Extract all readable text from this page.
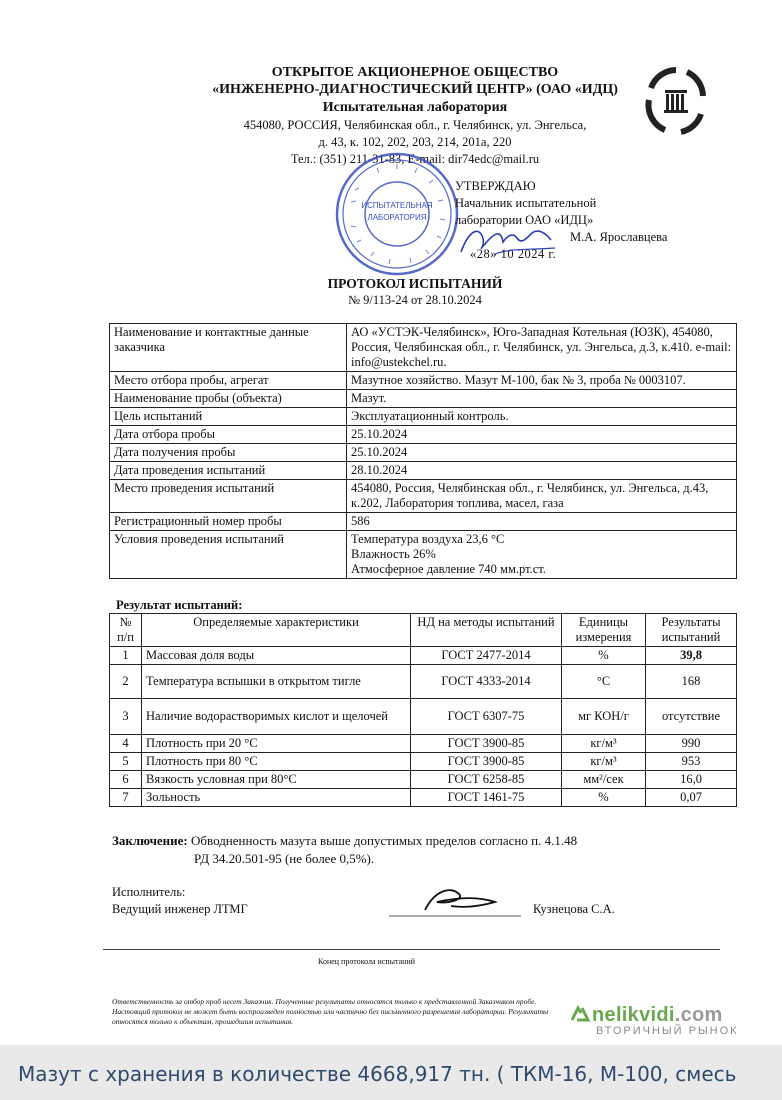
ОТКРЫТОЕ АКЦИОНЕРНОЕ ОБЩЕСТВО
«ИНЖЕНЕРНО-ДИАГНОСТИЧЕСКИЙ ЦЕНТР» (ОАО «ИДЦ)
Испытательная лаборатория
454080, РОССИЯ, Челябинская обл., г. Челябинск, ул. Энгельса,
д. 43, к. 102, 202, 203, 214, 201а, 220
Тел.: (351) 211-31-83, E-mail: dir74edc@mail.ru
ИСПЫТАТЕЛЬНАЯ
ЛАБОРАТОРИЯ
УТВЕРЖДАЮ
Начальник испытательной
лаборатории ОАО «ИДЦ»
М.А. Ярославцева
«28» 10 2024 г.
ПРОТОКОЛ ИСПЫТАНИЙ
№ 9/113-24 от 28.10.2024
Наименование и контактные данные заказчика	АО «УСТЭК-Челябинск», Юго-Западная Котельная (ЮЗК), 454080, Россия, Челябинская обл., г. Челябинск, ул. Энгельса, д.3, к.410. e-mail: info@ustekchel.ru.
Место отбора пробы, агрегат	Мазутное хозяйство. Мазут М-100, бак № 3, проба № 0003107.
Наименование пробы (объекта)	Мазут.
Цель испытаний	Эксплуатационный контроль.
Дата отбора пробы	25.10.2024
Дата получения пробы	25.10.2024
Дата проведения испытаний	28.10.2024
Место проведения испытаний	454080, Россия, Челябинская обл., г. Челябинск, ул. Энгельса, д.43, к.202, Лаборатория топлива, масел, газа
Регистрационный номер пробы	586
Условия проведения испытаний	Температура воздуха 23,6 °С
Влажность 26%
Атмосферное давление 740 мм.рт.ст.
Результат испытаний:
№ п/п	Определяемые характеристики	НД на методы испытаний	Единицы измерения	Результаты испытаний
1	Массовая доля воды	ГОСТ 2477-2014	%	39,8
2	Температура вспышки в открытом тигле	ГОСТ 4333-2014	°С	168
3	Наличие водорастворимых кислот и щелочей	ГОСТ 6307-75	мг КОН/г	отсутствие
4	Плотность при 20 °С	ГОСТ 3900-85	кг/м³	990
5	Плотность при 80 °С	ГОСТ 3900-85	кг/м³	953
6	Вязкость условная при 80°С	ГОСТ 6258-85	мм²/сек	16,0
7	Зольность	ГОСТ 1461-75	%	0,07
Заключение: Обводненность мазута выше допустимых пределов согласно п. 4.1.48
РД 34.20.501-95 (не более 0,5%).
Исполнитель:
Ведущий инженер ЛТМГ	Кузнецова С.А.
Конец протокола испытаний
Ответственность за отбор проб несет Заказчик. Полученные результаты относятся только к представленной Заказчиком пробе.
Настоящий протокол не может быть воспроизведен полностью или частично без письменного разрешения лаборатории. Результаты
относятся только к объектам, прошедшим испытания.	nelikvidi.com
ВТОРИЧНЫЙ РЫНОК
Мазут с хранения в количестве 4668,917 тн. ( ТКМ-16, М-100, смесь
